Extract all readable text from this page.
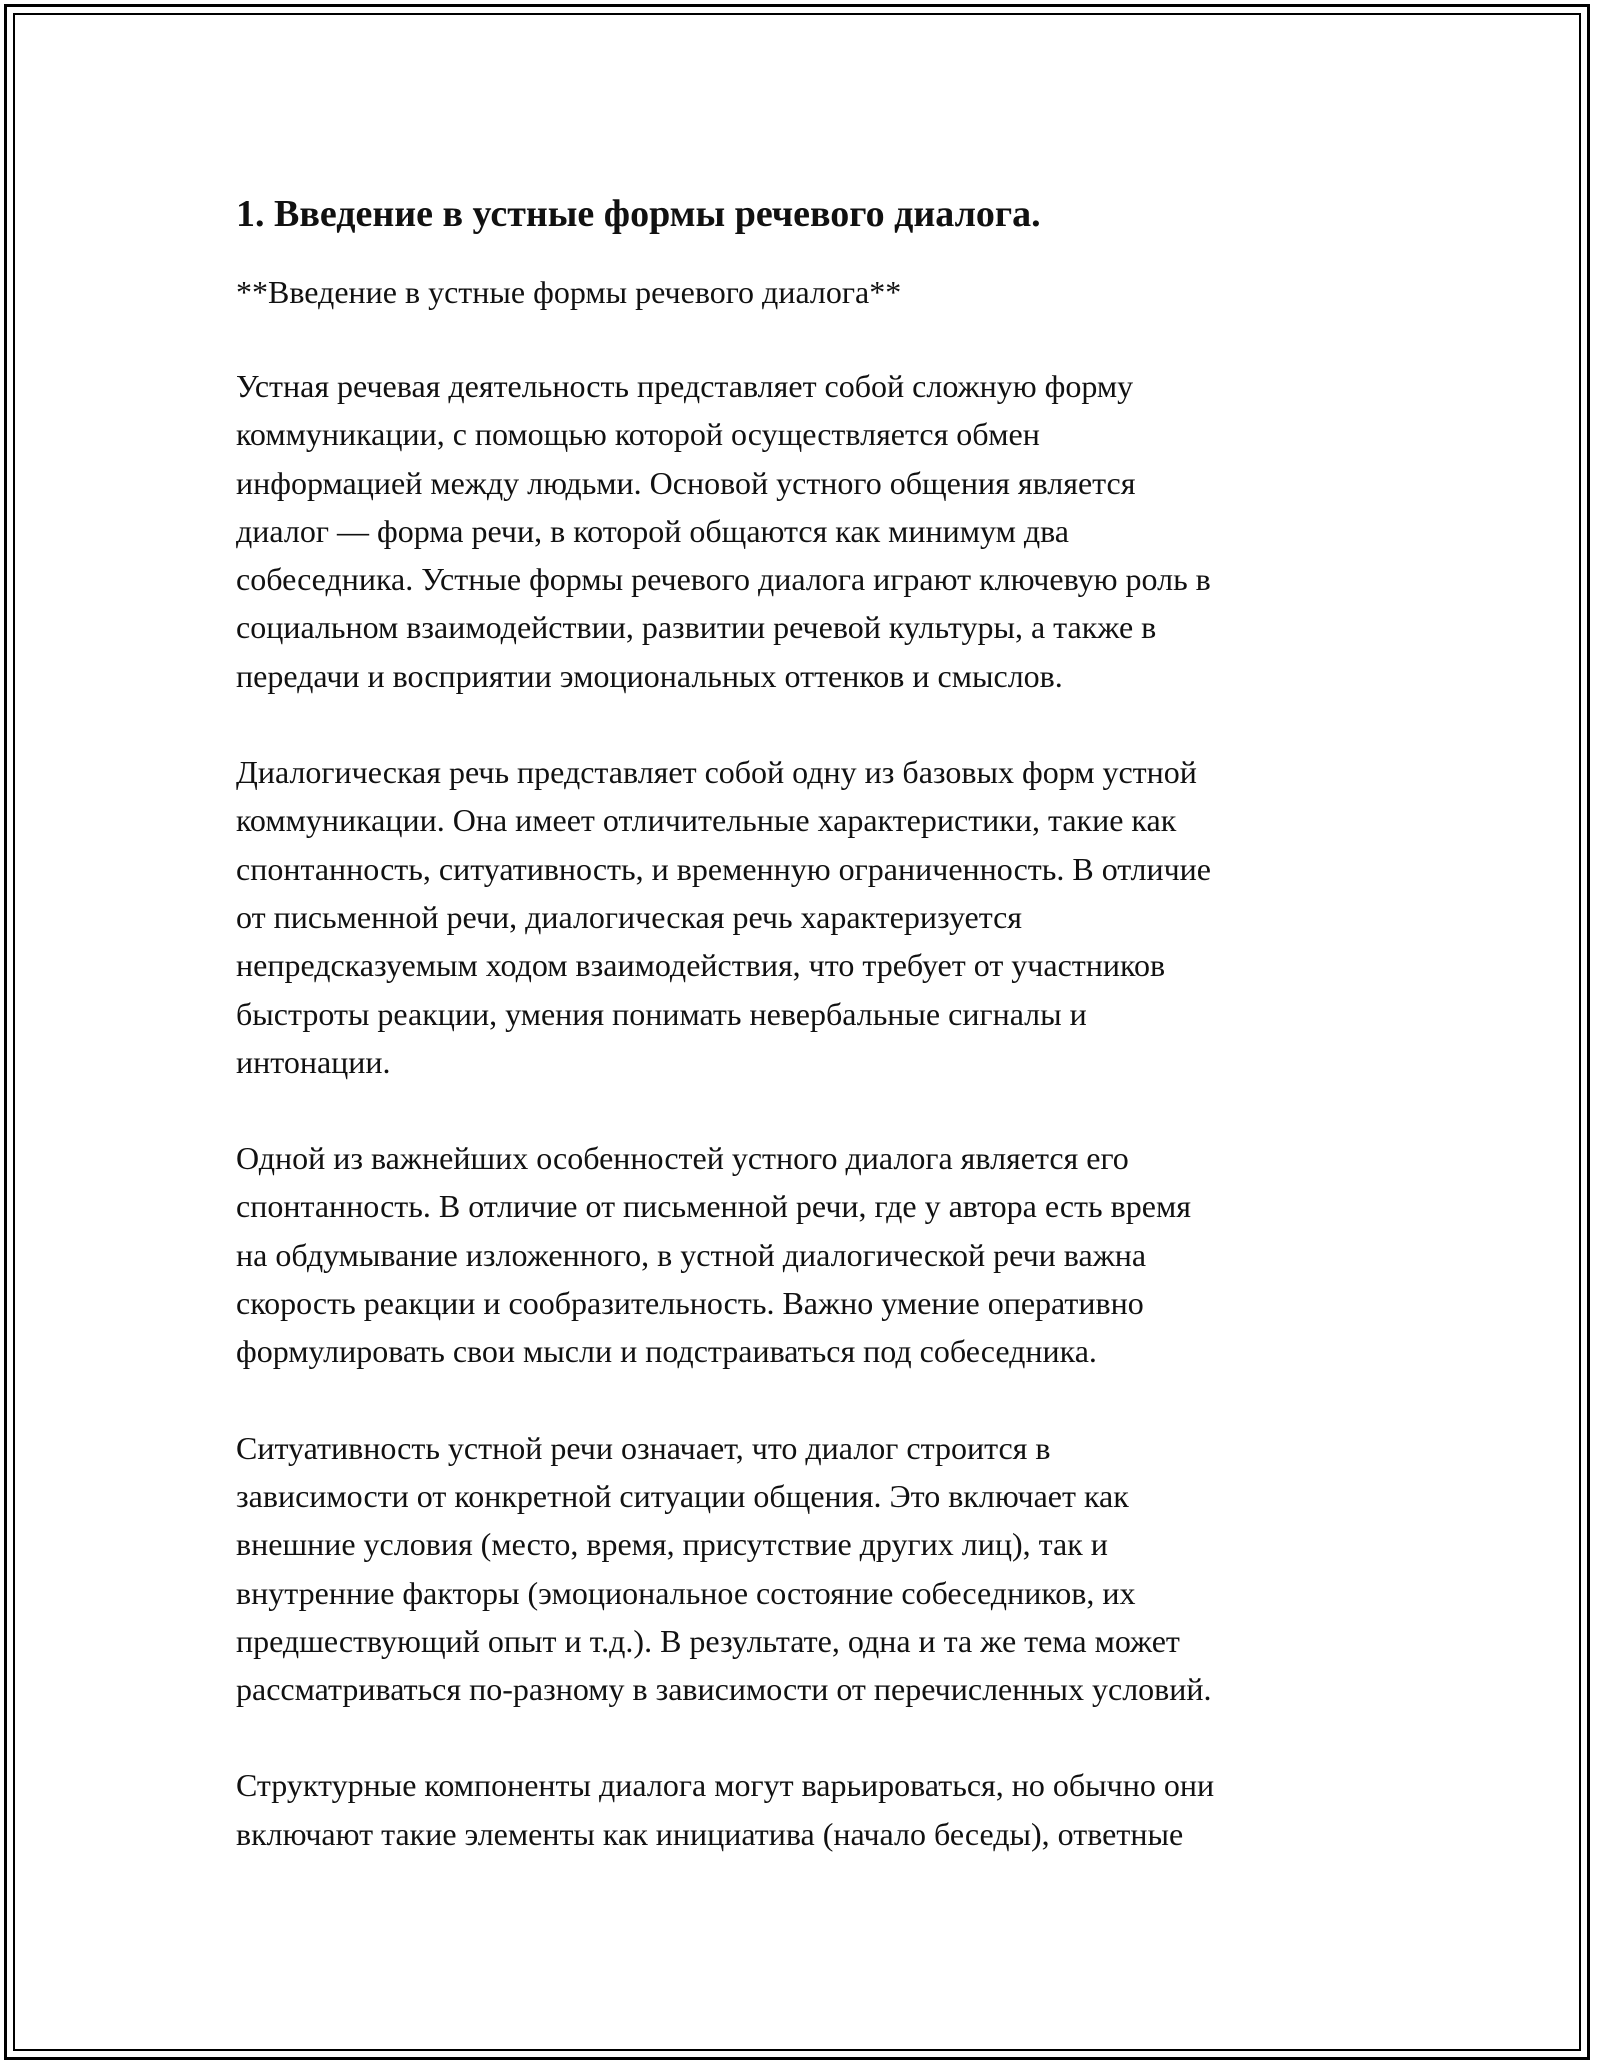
1. Введение в устные формы речевого диалога.

**Введение в устные формы речевого диалога**

Устная речевая деятельность представляет собой сложную форму
коммуникации, с помощью которой осуществляется обмен
информацией между людьми. Основой устного общения является
диалог — форма речи, в которой общаются как минимум два
собеседника. Устные формы речевого диалога играют ключевую роль в
социальном взаимодействии, развитии речевой культуры, а также в
передачи и восприятии эмоциональных оттенков и смыслов.

Диалогическая речь представляет собой одну из базовых форм устной
коммуникации. Она имеет отличительные характеристики, такие как
спонтанность, ситуативность, и временную ограниченность. В отличие
от письменной речи, диалогическая речь характеризуется
непредсказуемым ходом взаимодействия, что требует от участников
быстроты реакции, умения понимать невербальные сигналы и
интонации.

Одной из важнейших особенностей устного диалога является его
спонтанность. В отличие от письменной речи, где у автора есть время
на обдумывание изложенного, в устной диалогической речи важна
скорость реакции и сообразительность. Важно умение оперативно
формулировать свои мысли и подстраиваться под собеседника.

Ситуативность устной речи означает, что диалог строится в
зависимости от конкретной ситуации общения. Это включает как
внешние условия (место, время, присутствие других лиц), так и
внутренние факторы (эмоциональное состояние собеседников, их
предшествующий опыт и т.д.). В результате, одна и та же тема может
рассматриваться по-разному в зависимости от перечисленных условий.

Структурные компоненты диалога могут варьироваться, но обычно они
включают такие элементы как инициатива (начало беседы), ответные
